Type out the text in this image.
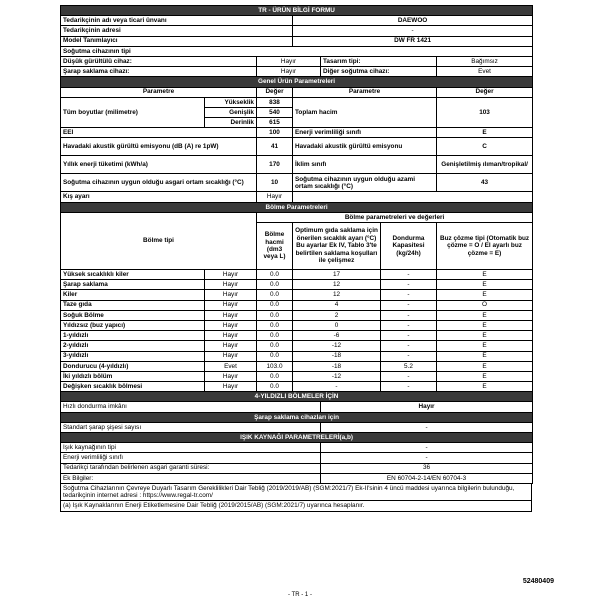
TR - ÜRÜN BİLGİ FORMU						
Tedarikçinin adı veya ticari ünvanı			DAEWOO			
Tedarikçinin adresi			-			
Model Tanımlayıcı			DW FR 1421			
Soğutma cihazının tipi						
Düşük gürültülü cihaz:		Hayır		Tasarım tipi:		Bağımsız
Şarap saklama cihazı:		Hayır		Diğer soğutma cihazı:		Evet
Genel Ürün Parametreleri						
Parametre		Değer	Parametre			Değer
Tüm boyutlar (milimetre)	Yükseklik	838	Toplam hacim			103
	Genişlik	540				
	Derinlik	615				
EEI		100	Enerji verimliliği sınıfı			E
Havadaki akustik gürültü emisyonu (dB (A) re 1pW)		41	Havadaki akustik gürültü emisyonu			C
Yıllık enerji tüketimi (kWh/a)		170	İklim sınıfı			Genişletilmiş ılıman/tropikal/
Soğutma cihazının uygun olduğu asgari ortam sıcaklığı (°C)		10	Soğutma cihazının uygun olduğu azami ortam sıcaklığı (°C)			43
Kış ayarı		Hayır				
Bölme Parametreleri						
Bölme tipi		Bölme parametreleri ve değerleri				
		Bölme hacmi (dm3 veya L)	Optimum gıda saklama için önerilen sıcaklık ayarı (°C) Bu ayarlar Ek IV, Tablo 3'te belirtilen saklama koşulları ile çelişmez		Dondurma Kapasitesi (kg/24h)	Buz çözme tipi (Otomatik buz çözme = O / El ayarlı buz çözme = E)
Yüksek sıcaklıklı kiler	Hayır	0.0	17		-	E
Şarap saklama	Hayır	0.0	12		-	E
Kiler	Hayır	0.0	12		-	E
Taze gıda	Hayır	0.0	4		-	O
Soğuk Bölme	Hayır	0.0	2		-	E
Yıldızsız (buz yapıcı)	Hayır	0.0	0		-	E
1-yıldızlı	Hayır	0.0	-6		-	E
2-yıldızlı	Hayır	0.0	-12		-	E
3-yıldızlı	Hayır	0.0	-18		-	E
Dondurucu (4-yıldızlı)	Evet	103.0	-18		5.2	E
İki yıldızlı bölüm	Hayır	0.0	-12		-	E
Değişken sıcaklık bölmesi	Hayır	0.0	-		-	E
4-YILDIZLI BÖLMELER İÇİN						
Hızlı dondurma imkânı				Hayır		
Şarap saklama cihazları için						
Standart şarap şişesi sayısı				-		
IŞIK KAYNAĞI PARAMETRELERİ(a,b)						
Işık kaynağının tipi				-		
Enerji verimliliği sınıfı				-		
Tedarikçi tarafından belirlenen asgari garanti süresi:				36		
Ek Bilgiler:				EN 60704-2-14/EN 60704-3		
Soğutma Cihazlarının Çevreye Duyarlı Tasarım Gereklilikleri Dair Tebliğ (2019/2019/AB) (SGM:2021/7) Ek-II'sinin 4 üncü maddesi uyarınca bilgilerin bulunduğu, tedarikçinin internet adresi : https://www.regal-tr.com/
(a) Işık Kaynaklarının Enerji Etiketlemesine Dair Tebliğ (2019/2015/AB) (SGM:2021/7) uyarınca hesaplanır.
52480409
- TR - 1 -
